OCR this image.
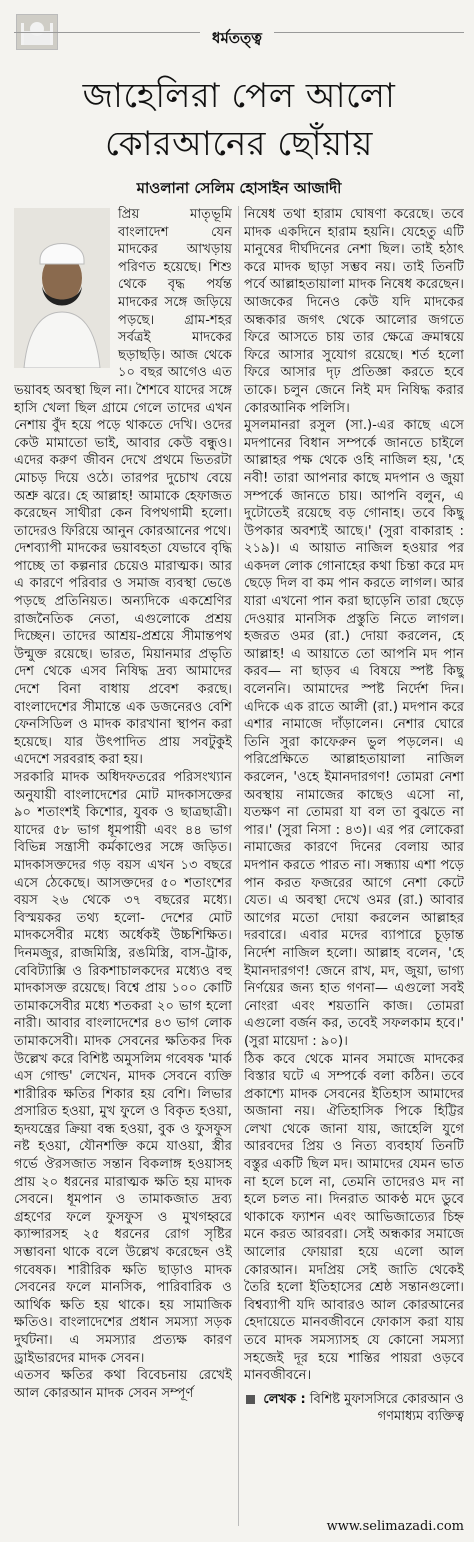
ধর্মতত্ত্ব
জাহেলিরা পেল আলো
কোরআনের ছোঁয়ায়
মাওলানা সেলিম হোসাইন আজাদী

প্রিয় মাতৃভূমি বাংলাদেশ যেন মাদকের আখড়ায় পরিণত হয়েছে। শিশু থেকে বৃদ্ধ পর্যন্ত মাদকের সঙ্গে জড়িয়ে পড়ছে। গ্রাম-শহর সর্বত্রই মাদকের ছড়াছড়ি। আজ থেকে ১০ বছর আগেও এত ভয়াবহ অবস্থা ছিল না। শৈশবে যাদের সঙ্গে হাসি খেলা ছিল গ্রামে গেলে তাদের এখন নেশায় বুঁদ হয়ে পড়ে থাকতে দেখি। ওদের কেউ মামাতো ভাই, আবার কেউ বন্ধুও। এদের করুণ জীবন দেখে প্রথমে ভিতরটা মোচড় দিয়ে ওঠে। তারপর দুচোখ বেয়ে অশ্রু ঝরে। হে আল্লাহ! আমাকে হেফাজত করেছেন সাথীরা কেন বিপথগামী হলো। তাদেরও ফিরিয়ে আনুন কোরআনের পথে।

দেশব্যাপী মাদকের ভয়াবহতা যেভাবে বৃদ্ধি পাচ্ছে তা কল্পনার চেয়েও মারাত্মক। আর এ কারণে পরিবার ও সমাজ ব্যবস্থা ভেঙে পড়ছে প্রতিনিয়ত। অন্যদিকে একশ্রেণির রাজনৈতিক নেতা, এগুলোকে প্রশ্রয় দিচ্ছেন। তাদের আশ্রয়-প্রশ্রয়ে সীমান্তপথ উন্মুক্ত রয়েছে। ভারত, মিয়ানমার প্রভৃতি দেশ থেকে এসব নিষিদ্ধ দ্রব্য আমাদের দেশে বিনা বাধায় প্রবেশ করছে। বাংলাদেশের সীমান্তে এক ডজনেরও বেশি ফেনসিডিল ও মাদক কারখানা স্থাপন করা হয়েছে। যার উৎপাদিত প্রায় সবটুকুই এদেশে সরবরাহ করা হয়।

সরকারি মাদক অধিদফতরের পরিসংখ্যান অনুযায়ী বাংলাদেশের মোট মাদকাসক্তের ৯০ শতাংশই কিশোর, যুবক ও ছাত্রছাত্রী। যাদের ৫৮ ভাগ ধূমপায়ী এবং ৪৪ ভাগ বিভিন্ন সন্ত্রাসী কর্মকাণ্ডের সঙ্গে জড়িত। মাদকাসক্তদের গড় বয়স এখন ১৩ বছরে এসে ঠেকেছে। আসক্তদের ৫০ শতাংশের বয়স ২৬ থেকে ৩৭ বছরের মধ্যে। বিস্ময়কর তথ্য হলো- দেশের মোট মাদকসেবীর মধ্যে অর্ধেকই উচ্চশিক্ষিত। দিনমজুর, রাজমিস্ত্রি, রঙমিস্ত্রি, বাস-ট্রাক, বেবিট্যাক্সি ও রিকশাচালকদের মধ্যেও বহু মাদকাসক্ত রয়েছে। বিশ্বে প্রায় ১০০ কোটি তামাকসেবীর মধ্যে শতকরা ২০ ভাগ হলো নারী। আবার বাংলাদেশের ৪৩ ভাগ লোক তামাকসেবী। মাদক সেবনের ক্ষতিকর দিক উল্লেখ করে বিশিষ্ট অমুসলিম গবেষক 'মার্ক এস গোল্ড' লেখেন, মাদক সেবনে ব্যক্তি শারীরিক ক্ষতির শিকার হয় বেশি। লিভার প্রসারিত হওয়া, মুখ ফুলে ও বিকৃত হওয়া, হৃদযন্ত্রের ক্রিয়া বন্ধ হওয়া, বুক ও ফুসফুস নষ্ট হওয়া, যৌনশক্তি কমে যাওয়া, স্ত্রীর গর্ভে ঔরসজাত সন্তান বিকলাঙ্গ হওয়াসহ প্রায় ২০ ধরনের মারাত্মক ক্ষতি হয় মাদক সেবনে। ধূমপান ও তামাকজাত দ্রব্য গ্রহণের ফলে ফুসফুস ও মুখগহ্বরে ক্যান্সারসহ ২৫ ধরনের রোগ সৃষ্টির সম্ভাবনা থাকে বলে উল্লেখ করেছেন ওই গবেষক। শারীরিক ক্ষতি ছাড়াও মাদক সেবনের ফলে মানসিক, পারিবারিক ও আর্থিক ক্ষতি হয় থাকে। হয় সামাজিক ক্ষতিও। বাংলাদেশের প্রধান সমস্যা সড়ক দুর্ঘটনা। এ সমস্যার প্রত্যক্ষ কারণ ড্রাইভারদের মাদক সেবন।

এতসব ক্ষতির কথা বিবেচনায় রেখেই আল কোরআন মাদক সেবন সম্পূর্ণ

নিষেধ তথা হারাম ঘোষণা করেছে। তবে মাদক একদিনে হারাম হয়নি। যেহেতু এটি মানুষের দীর্ঘদিনের নেশা ছিল। তাই হঠাৎ করে মাদক ছাড়া সম্ভব নয়। তাই তিনটি পর্বে আল্লাহতায়ালা মাদক নিষেধ করেছেন। আজকের দিনেও কেউ যদি মাদকের অন্ধকার জগৎ থেকে আলোর জগতে ফিরে আসতে চায় তার ক্ষেত্রে ক্রমান্বয়ে ফিরে আসার সুযোগ রয়েছে। শর্ত হলো ফিরে আসার দৃঢ় প্রতিজ্ঞা করতে হবে তাকে। চলুন জেনে নিই মদ নিষিদ্ধ করার কোরআনিক পলিসি।

মুসলমানরা রসুল (সা.)-এর কাছে এসে মদপানের বিধান সম্পর্কে জানতে চাইলে আল্লাহর পক্ষ থেকে ওহি নাজিল হয়, 'হে নবী! তারা আপনার কাছে মদপান ও জুয়া সম্পর্কে জানতে চায়। আপনি বলুন, এ দুটোতেই রয়েছে বড় গোনাহ। তবে কিছু উপকার অবশ্যই আছে।' (সুরা বাকারাহ : ২১৯)। এ আয়াত নাজিল হওয়ার পর একদল লোক গোনাহের কথা চিন্তা করে মদ ছেড়ে দিল বা কম পান করতে লাগল। আর যারা এখনো পান করা ছাড়েনি তারা ছেড়ে দেওয়ার মানসিক প্রস্তুতি নিতে লাগল। হজরত ওমর (রা.) দোয়া করলেন, হে আল্লাহ! এ আয়াতে তো আপনি মদ পান করব— না ছাড়ব এ বিষয়ে স্পষ্ট কিছু বলেননি। আমাদের স্পষ্ট নির্দেশ দিন। এদিকে এক রাতে আলী (রা.) মদপান করে এশার নামাজে দাঁড়ালেন। নেশার ঘোরে তিনি সুরা কাফেরুন ভুল পড়লেন। এ পরিপ্রেক্ষিতে আল্লাহতায়ালা নাজিল করলেন, 'ওহে ইমানদারগণ! তোমরা নেশা অবস্থায় নামাজের কাছেও এসো না, যতক্ষণ না তোমরা যা বল তা বুঝতে না পার।' (সুরা নিসা : ৪৩)। এর পর লোকেরা নামাজের কারণে দিনের বেলায় আর মদপান করতে পারত না। সন্ধ্যায় এশা পড়ে পান করত ফজরের আগে নেশা কেটে যেত। এ অবস্থা দেখে ওমর (রা.) আবার আগের মতো দোয়া করলেন আল্লাহর দরবারে। এবার মদের ব্যাপারে চূড়ান্ত নির্দেশ নাজিল হলো। আল্লাহ বলেন, 'হে ইমানদারগণ! জেনে রাখ, মদ, জুয়া, ভাগ্য নির্ণয়ের জন্য হাত গণনা— এগুলো সবই নোংরা এবং শয়তানি কাজ। তোমরা এগুলো বর্জন কর, তবেই সফলকাম হবে।' (সুরা মায়েদা : ৯০)।

ঠিক কবে থেকে মানব সমাজে মাদকের বিস্তার ঘটে এ সম্পর্কে বলা কঠিন। তবে প্রকাশ্যে মাদক সেবনের ইতিহাস আমাদের অজানা নয়। ঐতিহাসিক পিকে হিট্টির লেখা থেকে জানা যায়, জাহেলি যুগে আরবদের প্রিয় ও নিত্য ব্যবহার্য তিনটি বস্তুর একটি ছিল মদ। আমাদের যেমন ভাত না হলে চলে না, তেমনি তাদেরও মদ না হলে চলত না। দিনরাত আকণ্ঠ মদে ডুবে থাকাকে ফ্যাশন এবং আভিজাত্যের চিহ্ন মনে করত আরবরা। সেই অন্ধকার সমাজে আলোর ফোয়ারা হয়ে এলো আল কোরআন। মদপ্রিয় সেই জাতি থেকেই তৈরি হলো ইতিহাসের শ্রেষ্ঠ সন্তানগুলো। বিশ্বব্যাপী যদি আবারও আল কোরআনের হেদায়েতে মানবজীবনে ফোকাস করা যায় তবে মাদক সমস্যাসহ যে কোনো সমস্যা সহজেই দূর হয়ে শান্তির পায়রা ওড়বে মানবজীবনে।

লেখক : বিশিষ্ট মুফাসসিরে কোরআন ও গণমাধ্যম ব্যক্তিত্ব
www.selimazadi.com
